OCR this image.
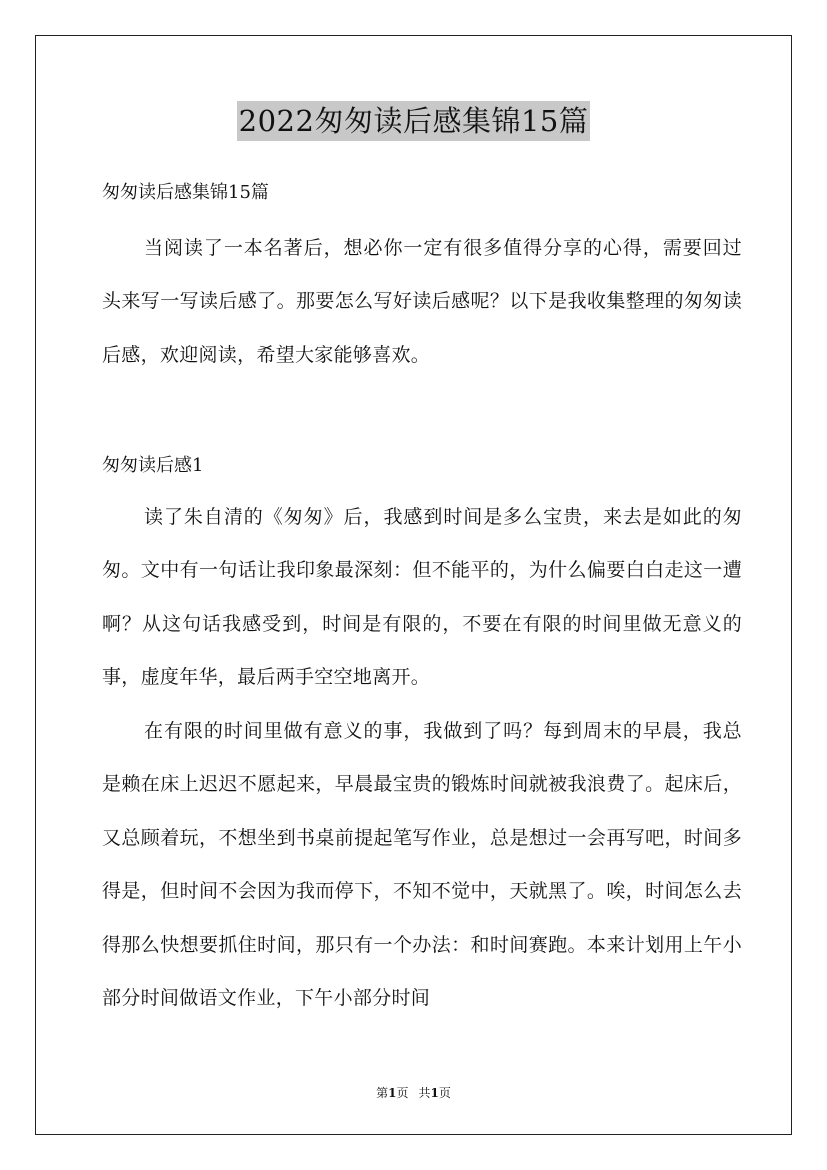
2022匆匆读后感集锦15篇
匆匆读后感集锦15篇

当阅读了一本名著后，想必你一定有很多值得分享的心得，需要回过头来写一写读后感了。那要怎么写好读后感呢？以下是我收集整理的匆匆读后感，欢迎阅读，希望大家能够喜欢。

匆匆读后感1

读了朱自清的《匆匆》后，我感到时间是多么宝贵，来去是如此的匆匆。文中有一句话让我印象最深刻：但不能平的，为什么偏要白白走这一遭啊？从这句话我感受到，时间是有限的，不要在有限的时间里做无意义的事，虚度年华，最后两手空空地离开。

在有限的时间里做有意义的事，我做到了吗？每到周末的早晨，我总是赖在床上迟迟不愿起来，早晨最宝贵的锻炼时间就被我浪费了。起床后，又总顾着玩，不想坐到书桌前提起笔写作业，总是想过一会再写吧，时间多得是，但时间不会因为我而停下，不知不觉中，天就黑了。唉，时间怎么去得那么快想要抓住时间，那只有一个办法：和时间赛跑。本来计划用上午小部分时间做语文作业，下午小部分时间

第1页 共1页
